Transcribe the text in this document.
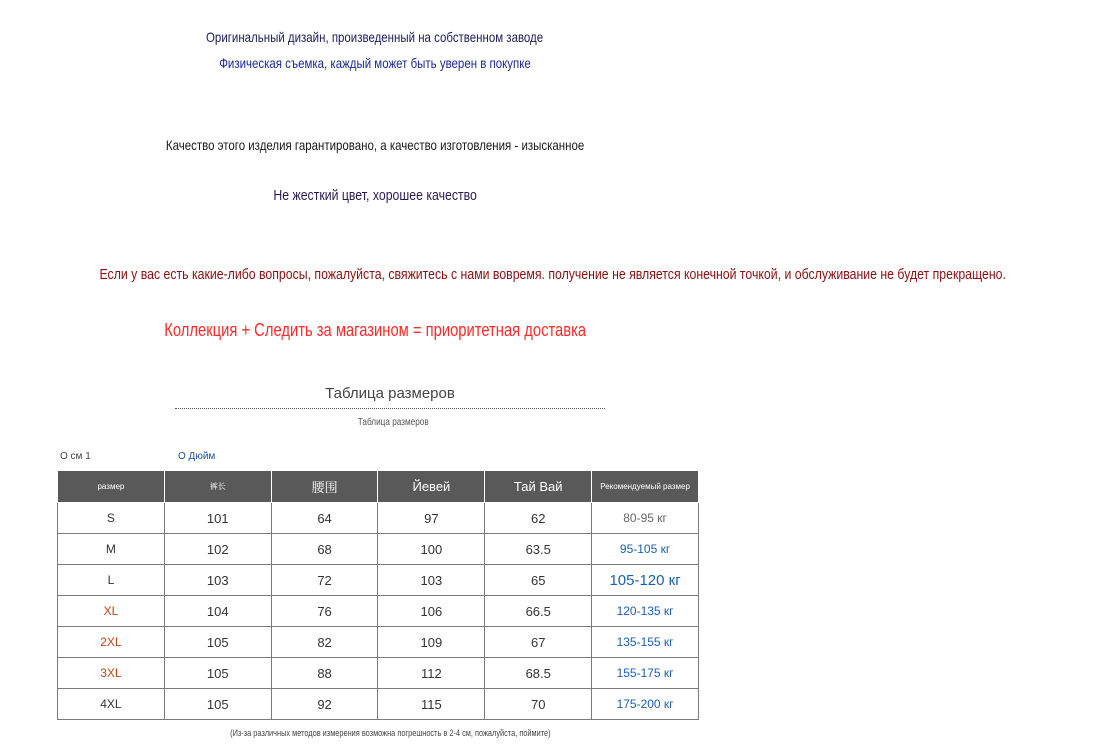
Оригинальный дизайн, произведенный на собственном заводе
Физическая съемка, каждый может быть уверен в покупке
Качество этого изделия гарантировано, а качество изготовления - изысканное
Не жесткий цвет, хорошее качество
Если у вас есть какие-либо вопросы, пожалуйста, свяжитесь с нами вовремя. получение не является конечной точкой, и обслуживание не будет прекращено.
Коллекция + Следить за магазином = приоритетная доставка
Таблица размеров
Таблица размеров
О см 1	О Дюйм
размер	裤长	腰围	Йевей	Тай Вай	Рекомендуемый размер
S	101	64	97	62	80-95 кг
M	102	68	100	63.5	95-105 кг
L	103	72	103	65	105-120 кг
XL	104	76	106	66.5	120-135 кг
2XL	105	82	109	67	135-155 кг
3XL	105	88	112	68.5	155-175 кг
4XL	105	92	115	70	175-200 кг
(Из-за различных методов измерения возможна погрешность в 2-4 см, пожалуйста, поймите)
